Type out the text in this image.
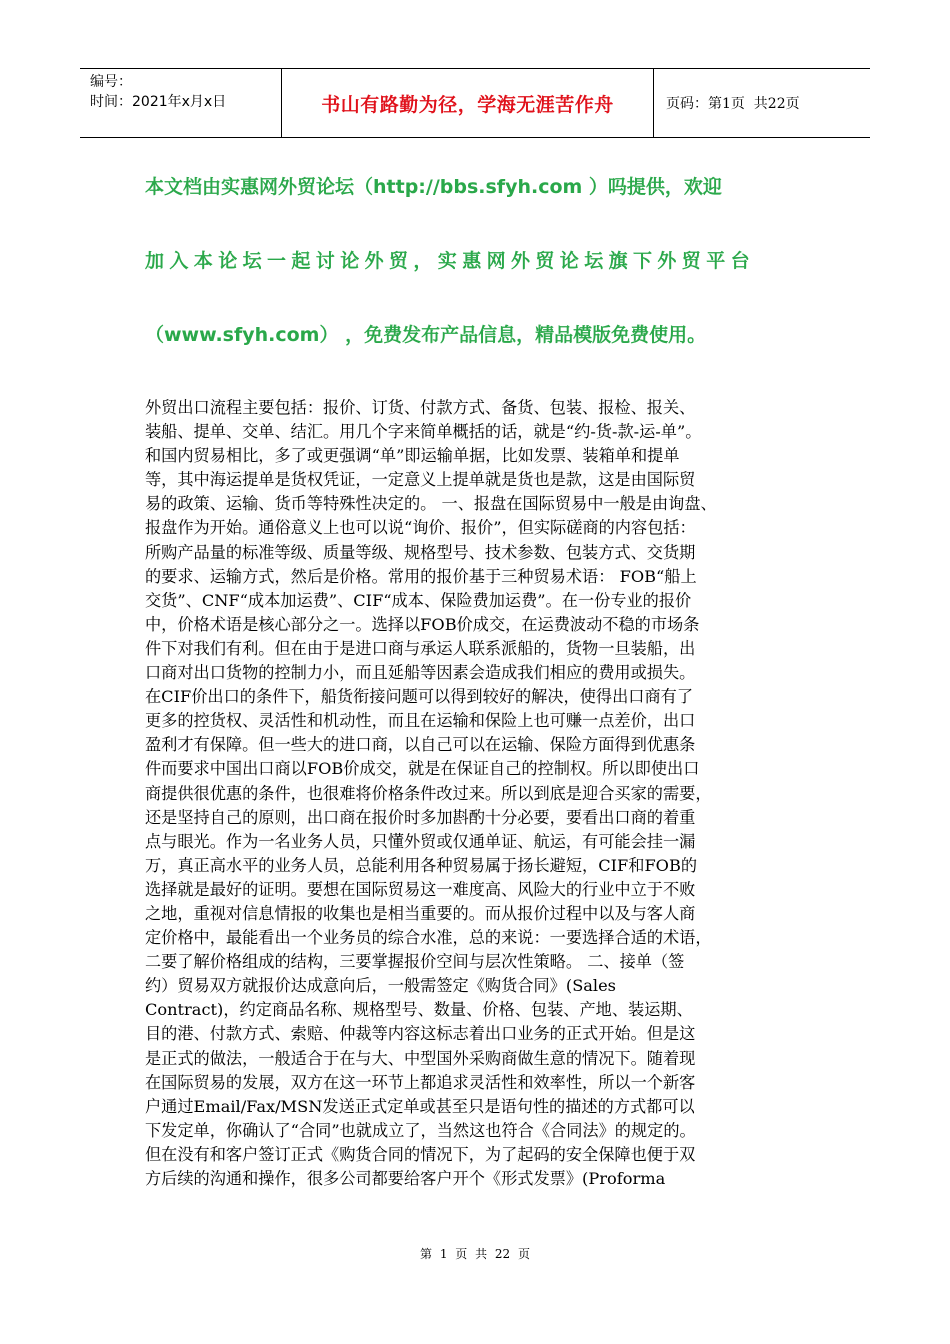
编号：
时间：2021年x月x日	书山有路勤为径，学海无涯苦作舟	页码：第1页  共22页
本文档由实惠网外贸论坛（http://bbs.sfyh.com ）吗提供，欢迎
加入本论坛一起讨论外贸，实惠网外贸论坛旗下外贸平台
（www.sfyh.com） ，免费发布产品信息，精品模版免费使用。
外贸出口流程主要包括：报价、订货、付款方式、备货、包装、报检、报关、
装船、提单、交单、结汇。用几个字来简单概括的话，就是“约-货-款-运-单”。
和国内贸易相比，多了或更强调“单”即运输单据，比如发票、装箱单和提单
等，其中海运提单是货权凭证，一定意义上提单就是货也是款，这是由国际贸
易的政策、运输、货币等特殊性决定的。 一、报盘在国际贸易中一般是由询盘、
报盘作为开始。通俗意义上也可以说“询价、报价”，但实际磋商的内容包括：
所购产品量的标准等级、质量等级、规格型号、技术参数、包装方式、交货期
的要求、运输方式，然后是价格。常用的报价基于三种贸易术语： FOB“船上
交货”、CNF“成本加运费”、CIF“成本、保险费加运费”。在一份专业的报价
中，价格术语是核心部分之一。选择以FOB价成交，在运费波动不稳的市场条
件下对我们有利。但在由于是进口商与承运人联系派船的，货物一旦装船，出
口商对出口货物的控制力小，而且延船等因素会造成我们相应的费用或损失。
在CIF价出口的条件下，船货衔接问题可以得到较好的解决，使得出口商有了
更多的控货权、灵活性和机动性，而且在运输和保险上也可赚一点差价，出口
盈利才有保障。但一些大的进口商，以自己可以在运输、保险方面得到优惠条
件而要求中国出口商以FOB价成交，就是在保证自己的控制权。所以即使出口
商提供很优惠的条件，也很难将价格条件改过来。所以到底是迎合买家的需要，
还是坚持自己的原则，出口商在报价时多加斟酌十分必要，要看出口商的着重
点与眼光。作为一名业务人员，只懂外贸或仅通单证、航运，有可能会挂一漏
万，真正高水平的业务人员，总能利用各种贸易属于扬长避短，CIF和FOB的
选择就是最好的证明。要想在国际贸易这一难度高、风险大的行业中立于不败
之地，重视对信息情报的收集也是相当重要的。而从报价过程中以及与客人商
定价格中，最能看出一个业务员的综合水准，总的来说：一要选择合适的术语，
二要了解价格组成的结构，三要掌握报价空间与层次性策略。 二、接单（签
约）贸易双方就报价达成意向后，一般需签定《购货合同》(Sales
Contract)，约定商品名称、规格型号、数量、价格、包装、产地、装运期、
目的港、付款方式、索赔、仲裁等内容这标志着出口业务的正式开始。但是这
是正式的做法，一般适合于在与大、中型国外采购商做生意的情况下。随着现
在国际贸易的发展，双方在这一环节上都追求灵活性和效率性，所以一个新客
户通过Email/Fax/MSN发送正式定单或甚至只是语句性的描述的方式都可以
下发定单，你确认了“合同”也就成立了，当然这也符合《合同法》的规定的。
但在没有和客户签订正式《购货合同的情况下，为了起码的安全保障也便于双
方后续的沟通和操作，很多公司都要给客户开个《形式发票》(Proforma
第 1 页 共 22 页
